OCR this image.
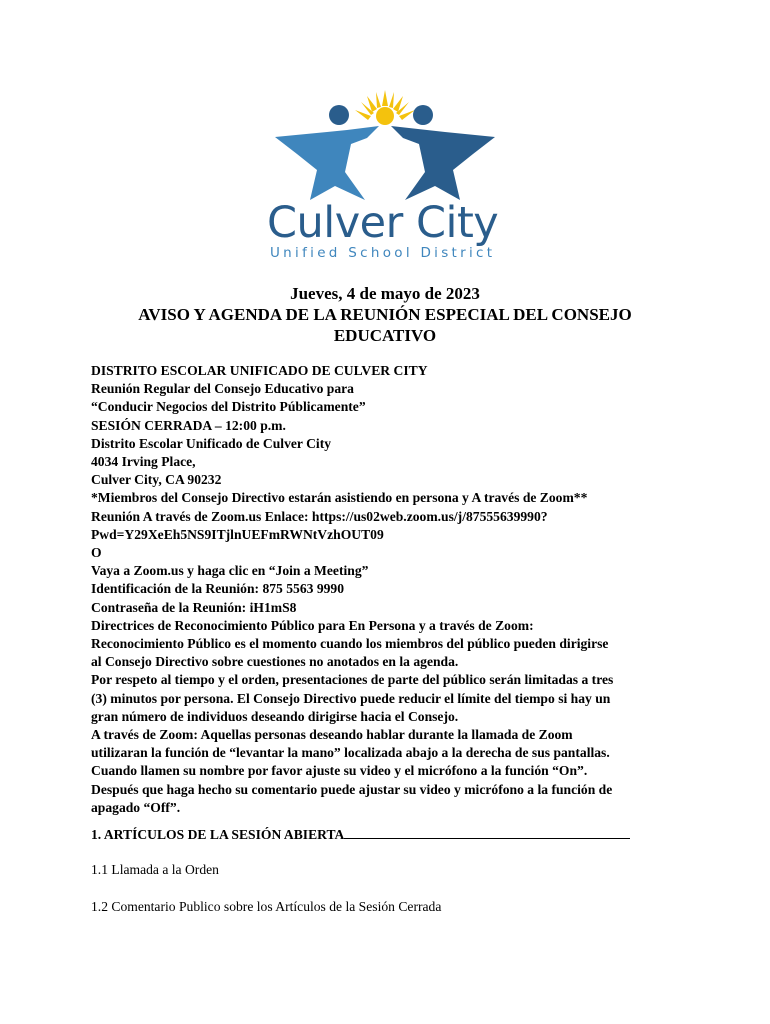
Culver City
Unified School District
Jueves, 4 de mayo de 2023
AVISO Y AGENDA DE LA REUNIÓN ESPECIAL DEL CONSEJO
EDUCATIVO
DISTRITO ESCOLAR UNIFICADO DE CULVER CITY
Reunión Regular del Consejo Educativo para
“Conducir Negocios del Distrito Públicamente”
SESIÓN CERRADA – 12:00 p.m.
Distrito Escolar Unificado de Culver City
4034 Irving Place,
Culver City, CA 90232
*Miembros del Consejo Directivo estarán asistiendo en persona y A través de Zoom**
Reunión A través de Zoom.us Enlace: https://us02web.zoom.us/j/87555639990?
Pwd=Y29XeEh5NS9ITjlnUEFmRWNtVzhOUT09
O
Vaya a Zoom.us y haga clic en “Join a Meeting”
Identificación de la Reunión: 875 5563 9990
Contraseña de la Reunión: iH1mS8
Directrices de Reconocimiento Público para En Persona y a través de Zoom:
Reconocimiento Público es el momento cuando los miembros del público pueden dirigirse
al Consejo Directivo sobre cuestiones no anotados en la agenda.
Por respeto al tiempo y el orden, presentaciones de parte del público serán limitadas a tres
(3) minutos por persona. El Consejo Directivo puede reducir el límite del tiempo si hay un
gran número de individuos deseando dirigirse hacia el Consejo.
A través de Zoom: Aquellas personas deseando hablar durante la llamada de Zoom
utilizaran la función de “levantar la mano” localizada abajo a la derecha de sus pantallas.
Cuando llamen su nombre por favor ajuste su video y el micrófono a la función “On”.
Después que haga hecho su comentario puede ajustar su video y micrófono a la función de
apagado “Off”.
1. ARTÍCULOS DE LA SESIÓN ABIERTA
1.1 Llamada a la Orden
1.2 Comentario Publico sobre los Artículos de la Sesión Cerrada
